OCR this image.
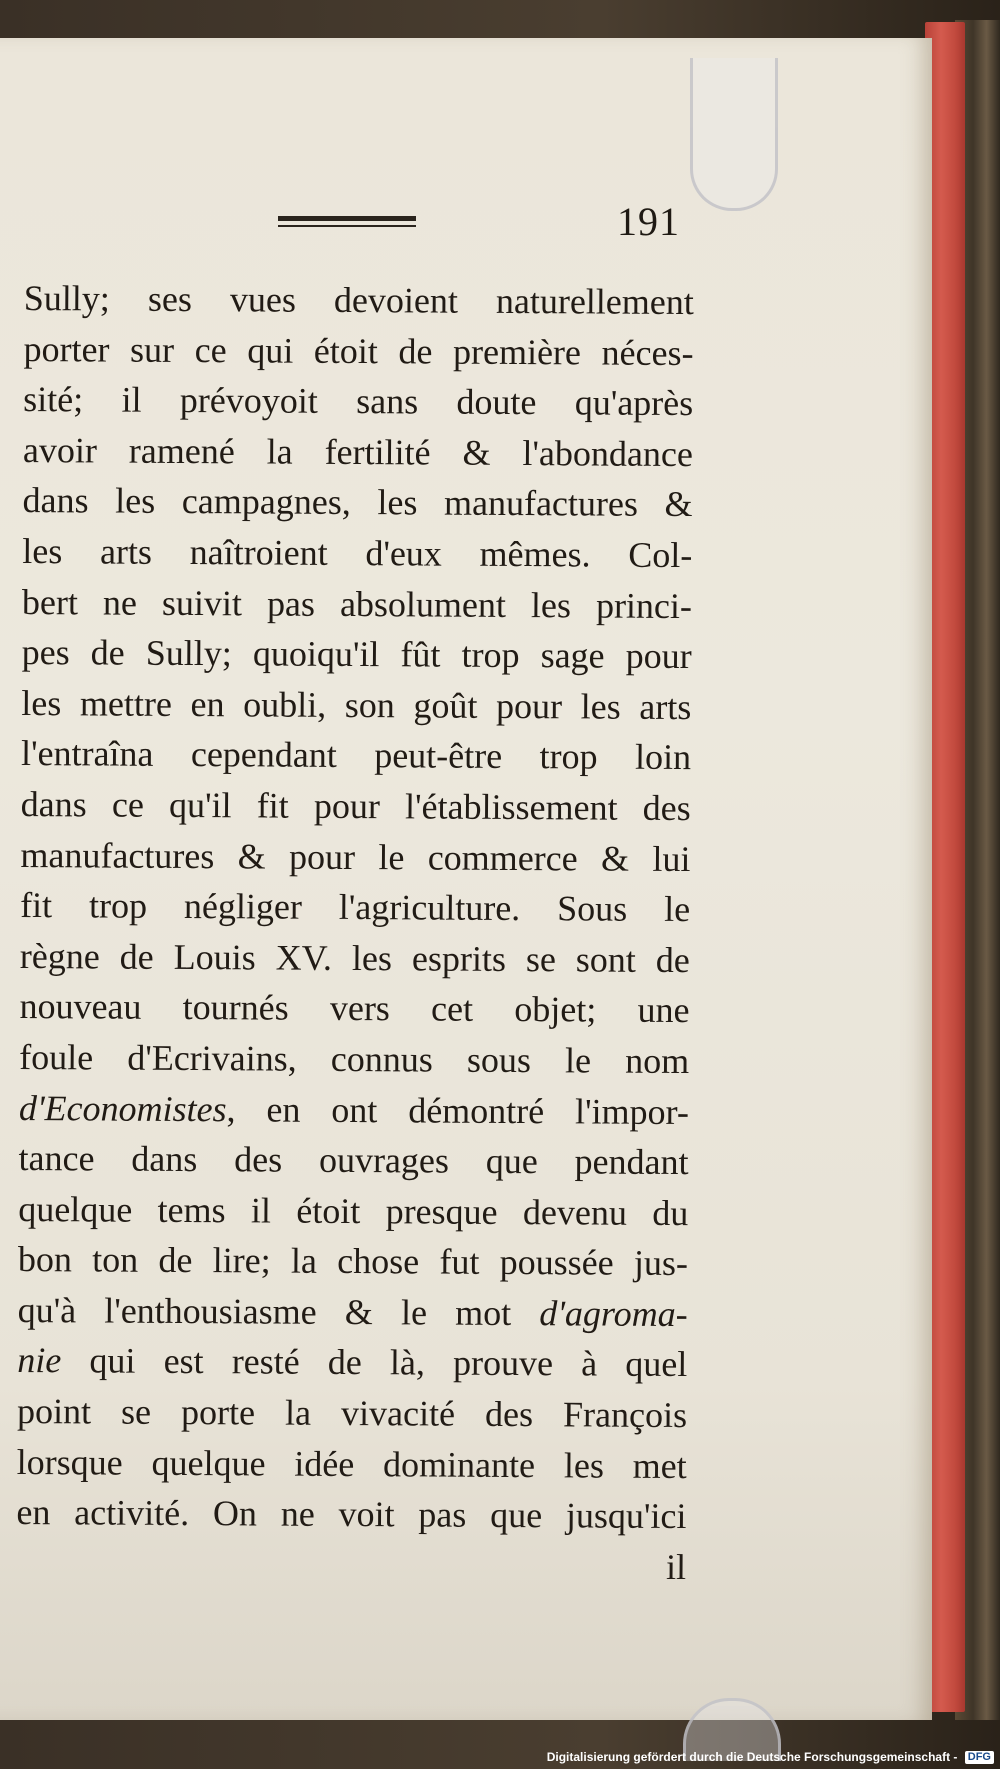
191
Sully; ses vues devoient naturellement
porter sur ce qui étoit de première néces-
sité; il prévoyoit sans doute qu'après
avoir ramené la fertilité & l'abondance
dans les campagnes, les manufactures &
les arts naîtroient d'eux mêmes. Col-
bert ne suivit pas absolument les princi-
pes de Sully; quoiqu'il fût trop sage pour
les mettre en oubli, son goût pour les arts
l'entraîna cependant peut-être trop loin
dans ce qu'il fit pour l'établissement des
manufactures & pour le commerce & lui
fit trop négliger l'agriculture. Sous le
règne de Louis XV. les esprits se sont de
nouveau tournés vers cet objet; une
foule d'Ecrivains, connus sous le nom
d'Economistes, en ont démontré l'impor-
tance dans des ouvrages que pendant
quelque tems il étoit presque devenu du
bon ton de lire; la chose fut poussée jus-
qu'à l'enthousiasme & le mot d'agroma-
nie qui est resté de là, prouve à quel
point se porte la vivacité des François
lorsque quelque idée dominante les met
en activité. On ne voit pas que jusqu'ici
il
Digitalisierung gefördert durch die Deutsche Forschungsgemeinschaft - DFG
